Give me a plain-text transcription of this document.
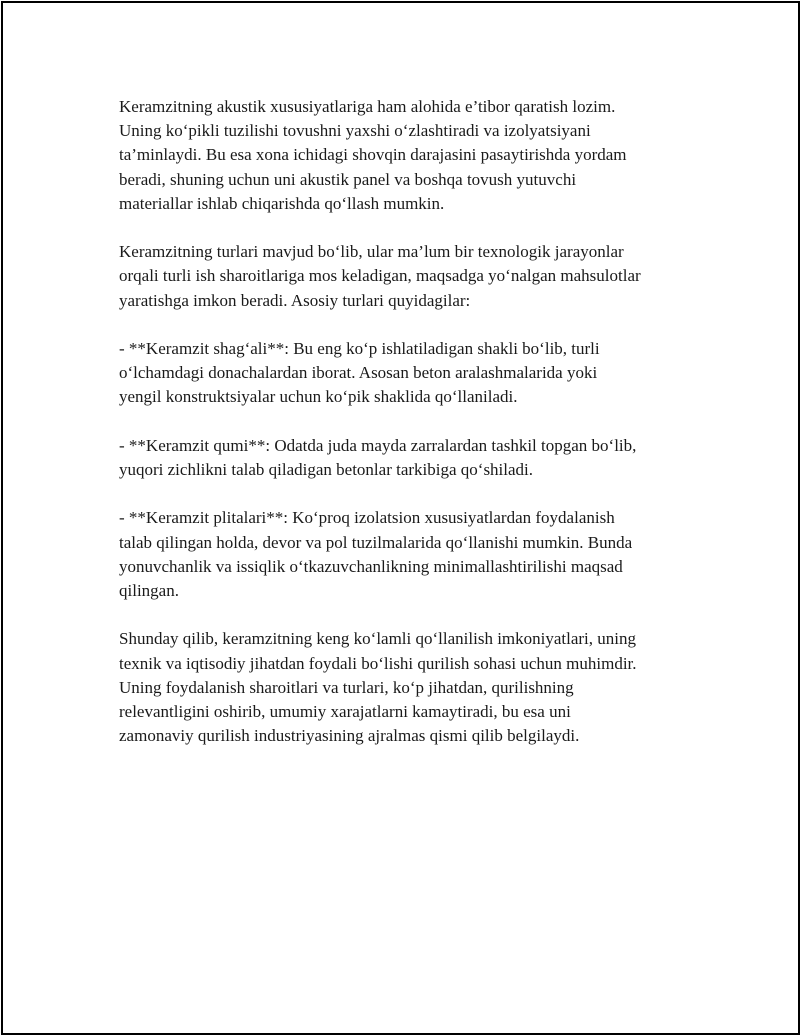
Keramzitning akustik xususiyatlariga ham alohida e’tibor qaratish lozim.
Uning ko‘pikli tuzilishi tovushni yaxshi o‘zlashtiradi va izolyatsiyani
ta’minlaydi. Bu esa xona ichidagi shovqin darajasini pasaytirishda yordam
beradi, shuning uchun uni akustik panel va boshqa tovush yutuvchi
materiallar ishlab chiqarishda qo‘llash mumkin.

Keramzitning turlari mavjud bo‘lib, ular ma’lum bir texnologik jarayonlar
orqali turli ish sharoitlariga mos keladigan, maqsadga yo‘nalgan mahsulotlar
yaratishga imkon beradi. Asosiy turlari quyidagilar:

- **Keramzit shag‘ali**: Bu eng ko‘p ishlatiladigan shakli bo‘lib, turli
o‘lchamdagi donachalardan iborat. Asosan beton aralashmalarida yoki
yengil konstruktsiyalar uchun ko‘pik shaklida qo‘llaniladi.

- **Keramzit qumi**: Odatda juda mayda zarralardan tashkil topgan bo‘lib,
yuqori zichlikni talab qiladigan betonlar tarkibiga qo‘shiladi.

- **Keramzit plitalari**: Ko‘proq izolatsion xususiyatlardan foydalanish
talab qilingan holda, devor va pol tuzilmalarida qo‘llanishi mumkin. Bunda
yonuvchanlik va issiqlik o‘tkazuvchanlikning minimallashtirilishi maqsad
qilingan.

Shunday qilib, keramzitning keng ko‘lamli qo‘llanilish imkoniyatlari, uning
texnik va iqtisodiy jihatdan foydali bo‘lishi qurilish sohasi uchun muhimdir.
Uning foydalanish sharoitlari va turlari, ko‘p jihatdan, qurilishning
relevantligini oshirib, umumiy xarajatlarni kamaytiradi, bu esa uni
zamonaviy qurilish industriyasining ajralmas qismi qilib belgilaydi.
